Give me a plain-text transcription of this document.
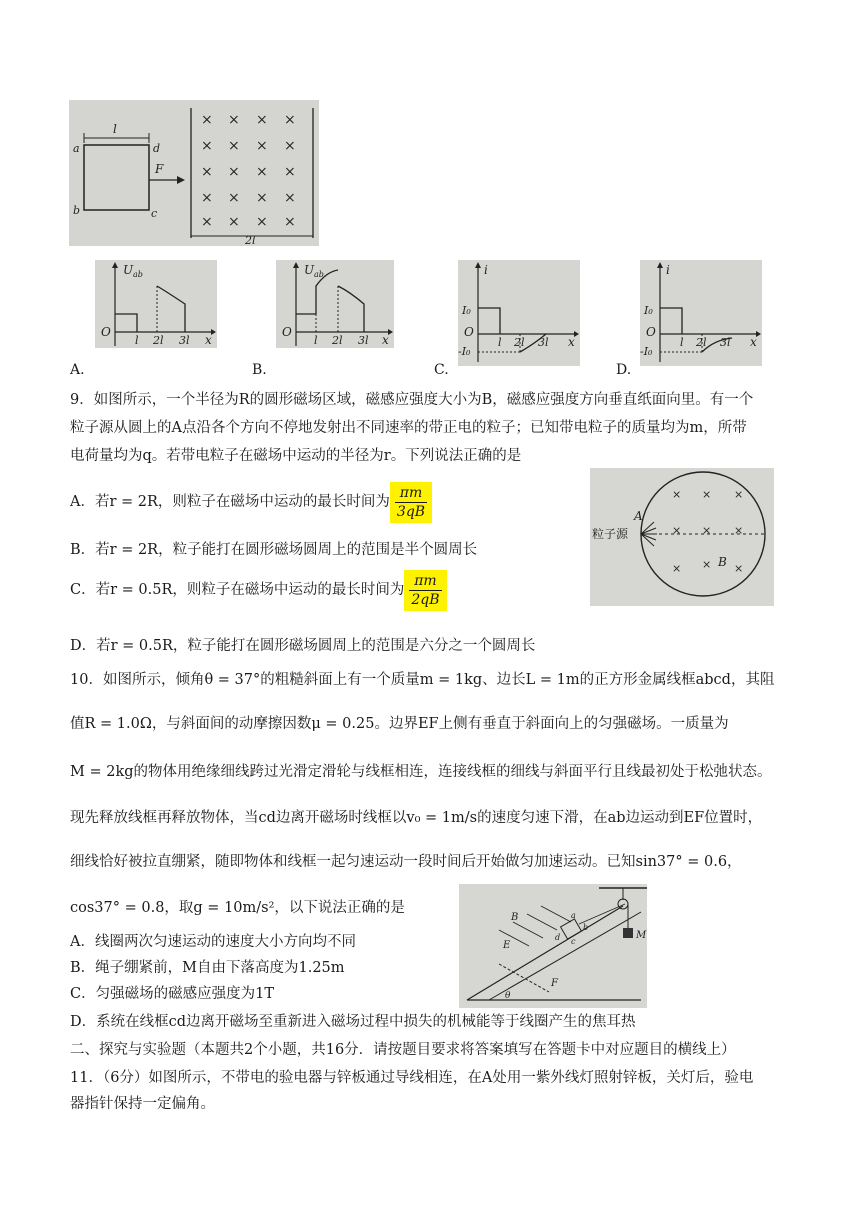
l
a	d
F
b	c
× × × ×
× × × ×
× × × ×
× × × ×
× × × ×
2l
U ab
O
x
l 2l 3l
A.
U ab
O
x
l 2l 3l
B.
i
I₀
O
-I₀
x
l 2l 3l
C.
i
I₀
O
-I₀
x
l 2l 3l
D.
9．如图所示，一个半径为R的圆形磁场区域，磁感应强度大小为B，磁感应强度方向垂直纸面向里。有一个
粒子源从圆上的A点沿各个方向不停地发射出不同速率的带正电的粒子；已知带电粒子的质量均为m，所带
电荷量均为q。若带电粒子在磁场中运动的半径为r。下列说法正确的是
A．若r = 2R，则粒子在磁场中运动的最长时间为 $\frac{\pi m}{3qB}$
B．若r = 2R，粒子能打在圆形磁场圆周上的范围是半个圆周长
C．若r = 0.5R，则粒子在磁场中运动的最长时间为 $\frac{\pi m}{2qB}$
D．若r = 0.5R，粒子能打在圆形磁场圆周上的范围是六分之一个圆周长
× × ×
× × ×
× × ×
A
粒子源
B
10．如图所示，倾角θ = 37°的粗糙斜面上有一个质量m = 1kg、边长L = 1m的正方形金属线框abcd，其阻
值R = 1.0Ω，与斜面间的动摩擦因数μ = 0.25。边界EF上侧有垂直于斜面向上的匀强磁场。一质量为
M = 2kg的物体用绝缘细线跨过光滑定滑轮与线框相连，连接线框的细线与斜面平行且线最初处于松弛状态。
现先释放线框再释放物体，当cd边离开磁场时线框以v₀ = 1m/s的速度匀速下滑，在ab边运动到EF位置时，
细线恰好被拉直绷紧，随即物体和线框一起匀速运动一段时间后开始做匀加速运动。已知sin37° = 0.6，
cos37° = 0.8，取g = 10m/s²，以下说法正确的是
A．线圈两次匀速运动的速度大小方向均不同
B．绳子绷紧前，M自由下落高度为1.25m
C．匀强磁场的磁感应强度为1T
D．系统在线框cd边离开磁场至重新进入磁场过程中损失的机械能等于线圈产生的焦耳热
M
E
F
B	a
b
c
d
θ
二、探究与实验题（本题共2个小题，共16分．请按题目要求将答案填写在答题卡中对应题目的横线上）
11．（6分）如图所示，不带电的验电器与锌板通过导线相连，在A处用一紫外线灯照射锌板，关灯后，验电
器指针保持一定偏角。
